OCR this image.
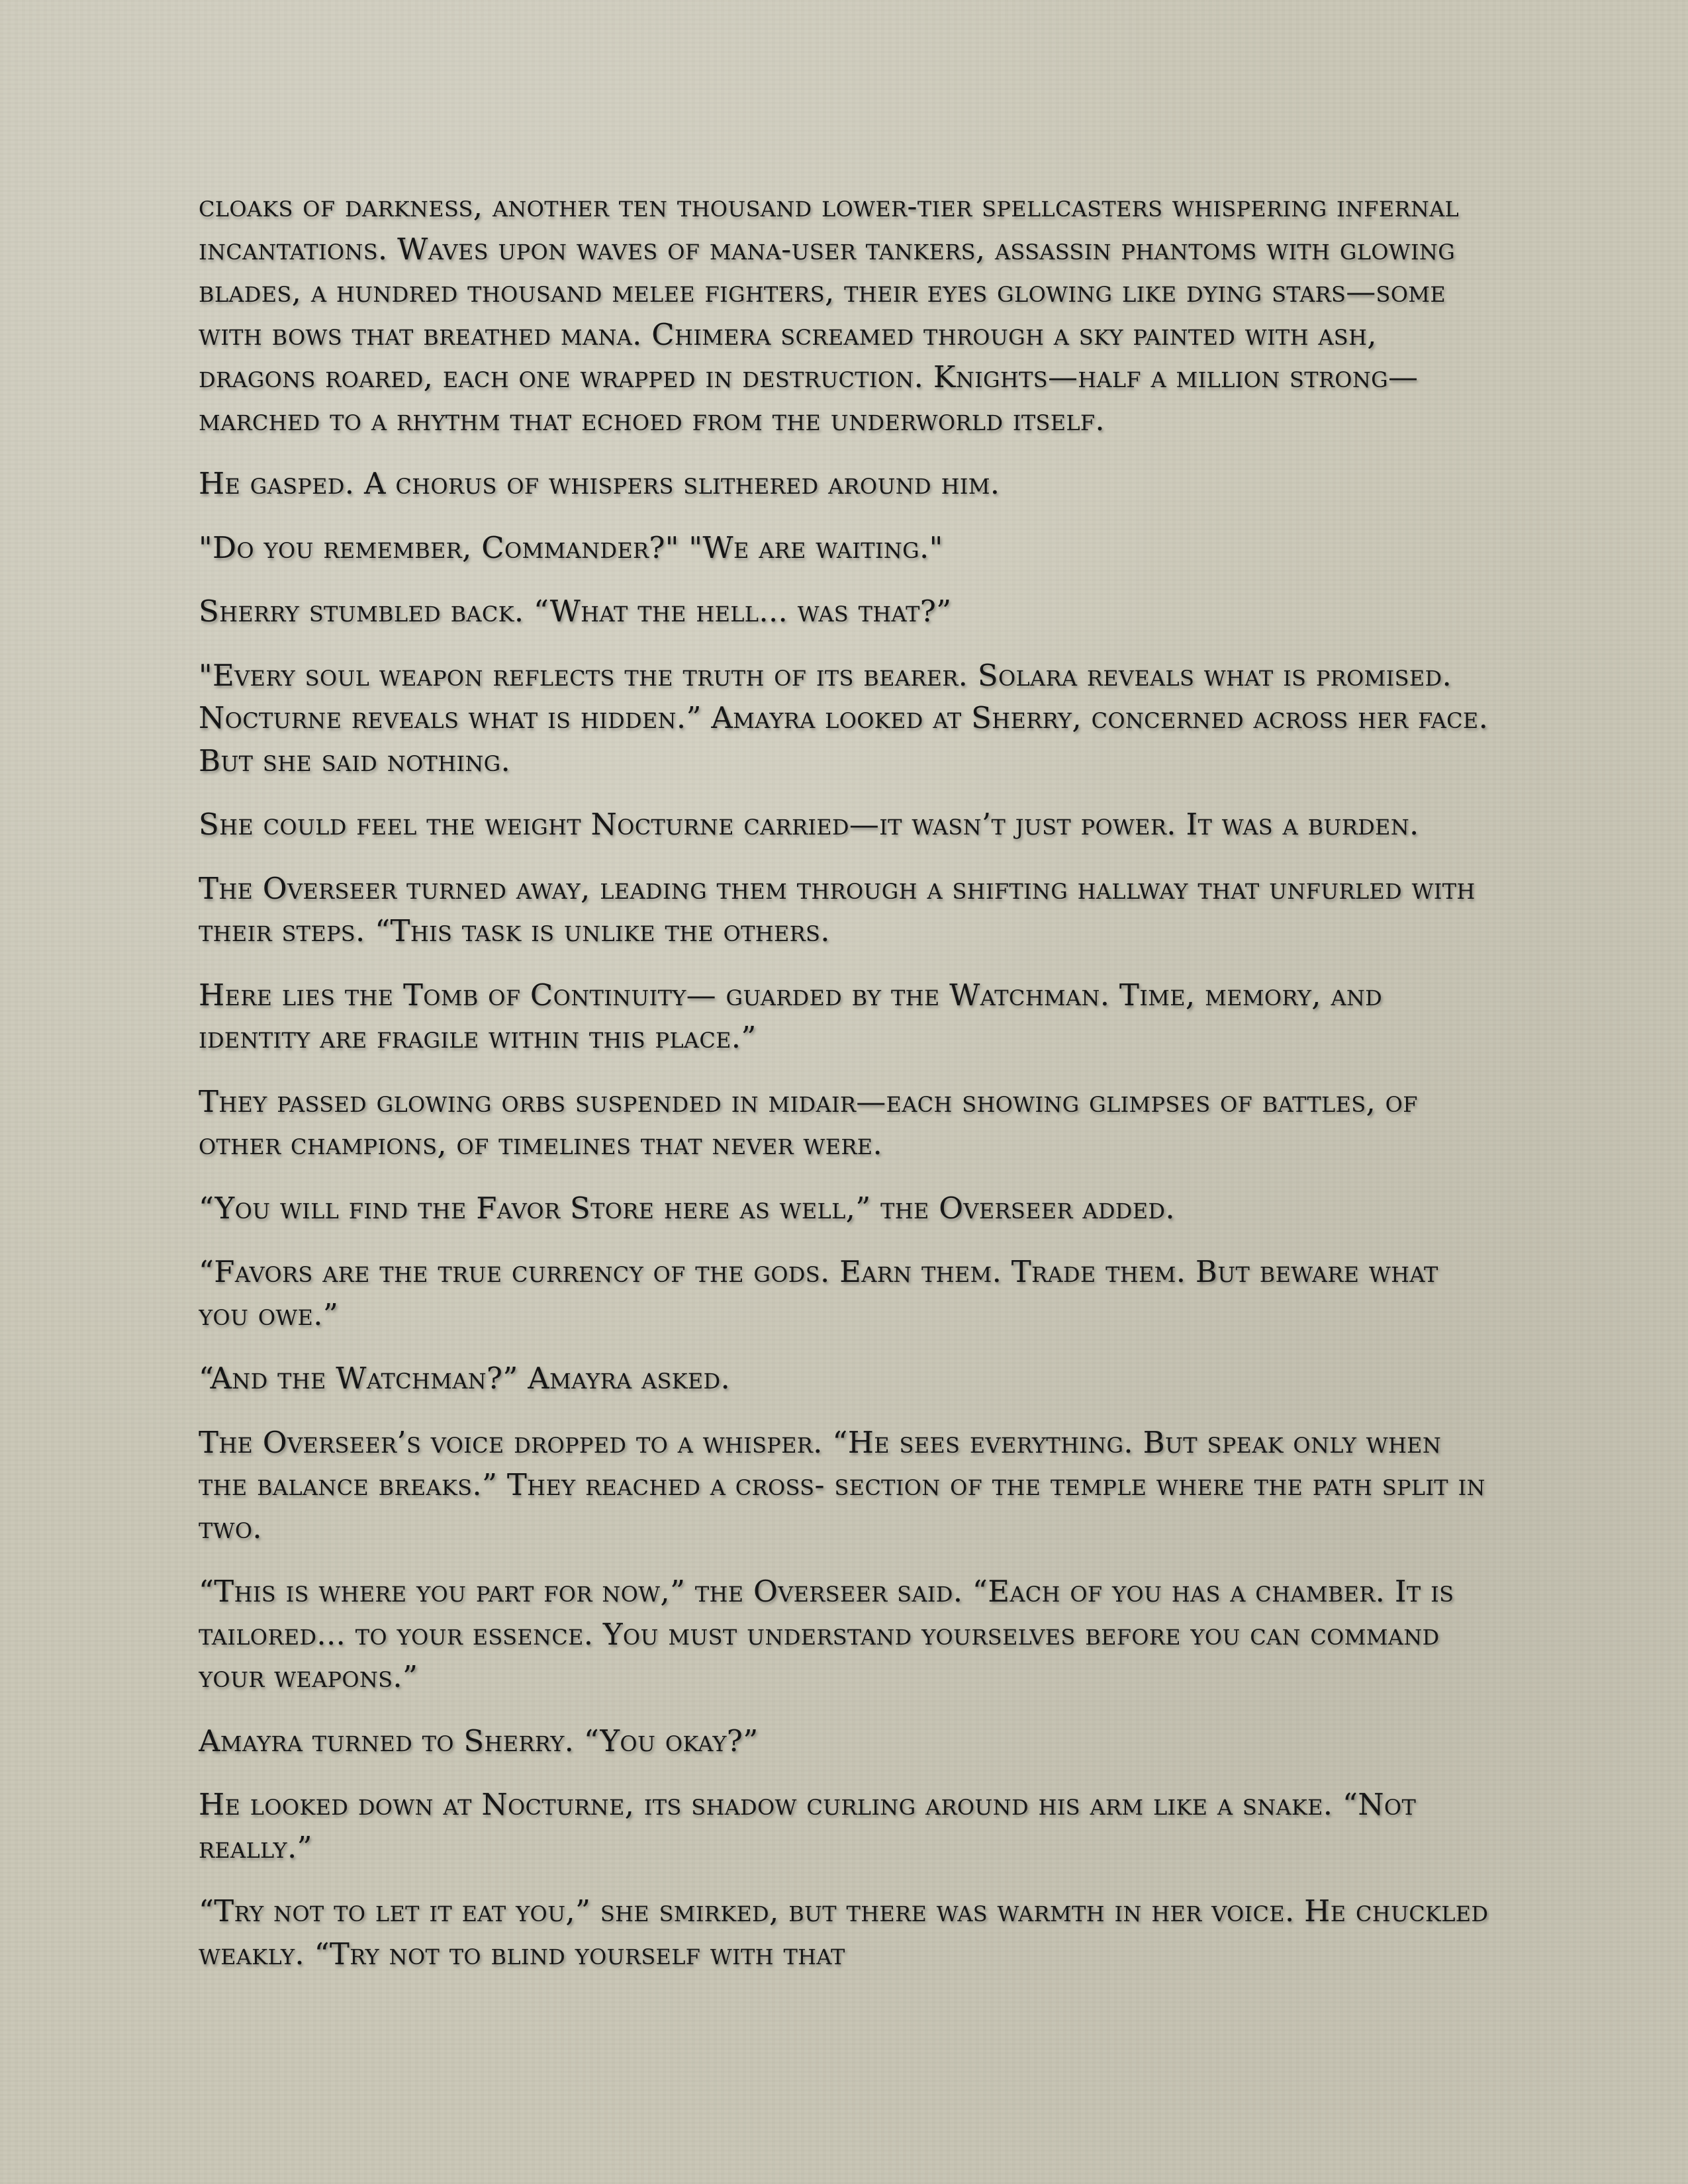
cloaks of darkness, another ten thousand lower-tier spellcasters whispering infernal incantations. Waves upon waves of mana-user tankers, assassin phantoms with glowing blades, a hundred thousand melee fighters, their eyes glowing like dying stars—some with bows that breathed mana. Chimera screamed through a sky painted with ash, dragons roared, each one wrapped in destruction. Knights—half a million strong—marched to a rhythm that echoed from the underworld itself.

He gasped. A chorus of whispers slithered around him.

"Do you remember, Commander?" "We are waiting."

Sherry stumbled back. “What the hell... was that?”

"Every soul weapon reflects the truth of its bearer. Solara reveals what is promised. Nocturne reveals what is hidden.” Amayra looked at Sherry, concerned across her face. But she said nothing.

She could feel the weight Nocturne carried—it wasn’t just power. It was a burden.

The Overseer turned away, leading them through a shifting hallway that unfurled with their steps. “This task is unlike the others.

Here lies the Tomb of Continuity— guarded by the Watchman. Time, memory, and identity are fragile within this place.”

They passed glowing orbs suspended in midair—each showing glimpses of battles, of other champions, of timelines that never were.

“You will find the Favor Store here as well,” the Overseer added.

“Favors are the true currency of the gods. Earn them. Trade them. But beware what you owe.”

“And the Watchman?” Amayra asked.

The Overseer’s voice dropped to a whisper. “He sees everything. But speak only when the balance breaks.” They reached a cross- section of the temple where the path split in two.

“This is where you part for now,” the Overseer said. “Each of you has a chamber. It is tailored... to your essence. You must understand yourselves before you can command your weapons.”

Amayra turned to Sherry. “You okay?”

He looked down at Nocturne, its shadow curling around his arm like a snake. “Not really.”

“Try not to let it eat you,” she smirked, but there was warmth in her voice. He chuckled weakly. “Try not to blind yourself with that
